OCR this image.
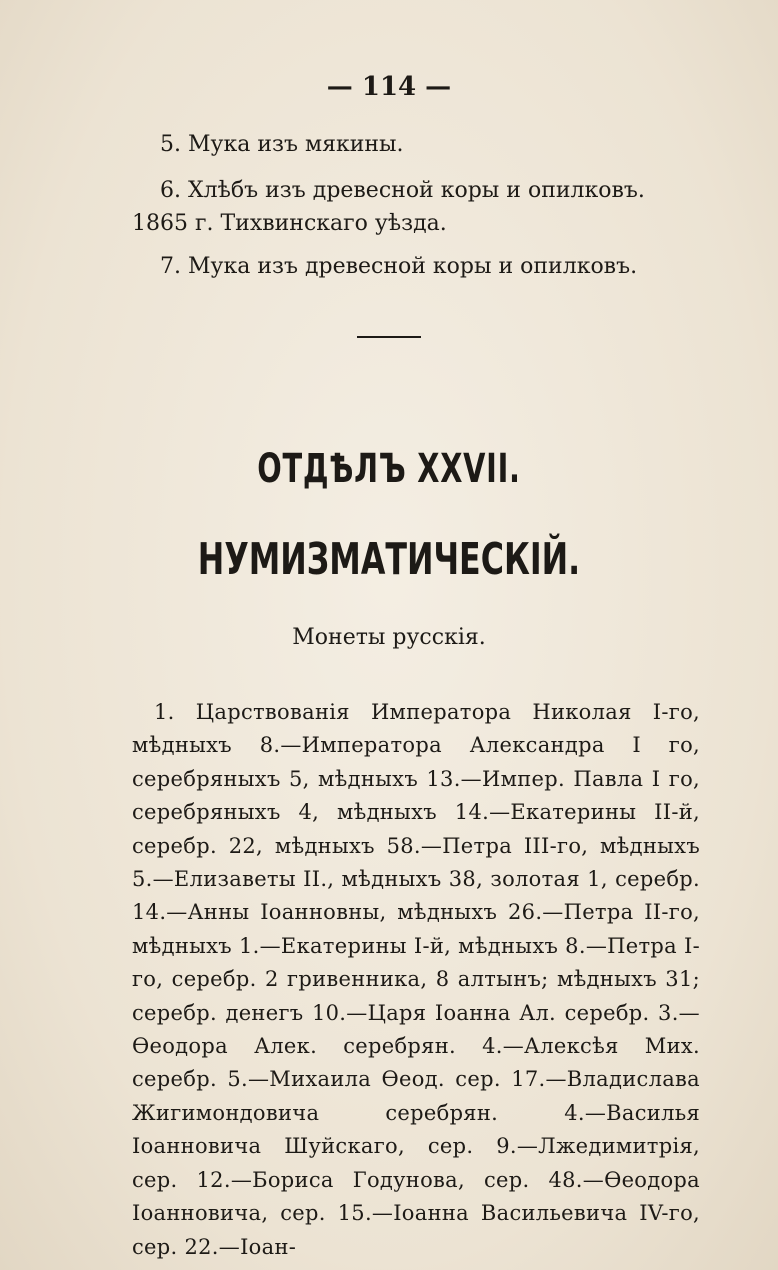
— 114 —
5. Мука изъ мякины.
6. Хлѣбъ изъ древесной коры и опилковъ. 1865 г. Тихвинскаго уѣзда.
7. Мука изъ древесной коры и опилковъ.
ОТДѢЛЪ XXVII.
НУМИЗМАТИЧЕСКІЙ.
Монеты русскія.
1. Царствованія Императора Николая I-го, мѣдныхъ 8.—Императора Александра I го, серебряныхъ 5, мѣдныхъ 13.—Импер. Павла I го, серебряныхъ 4, мѣдныхъ 14.—Екатерины II-й, серебр. 22, мѣдныхъ 58.—Петра III-го, мѣдныхъ 5.—Елизаветы II., мѣдныхъ 38, золотая 1, серебр. 14.—Анны Іоанновны, мѣдныхъ 26.—Петра II-го, мѣдныхъ 1.—Екатерины I-й, мѣдныхъ 8.—Петра I-го, серебр. 2 гривенника, 8 алтынъ; мѣдныхъ 31; серебр. денегъ 10.—Царя Іоанна Ал. серебр. 3.—Ѳеодора Алек. серебрян. 4.—Алексѣя Мих. серебр. 5.—Михаила Ѳеод. сер. 17.—Владислава Жигимондовича серебрян. 4.—Василья Іоанновича Шуйскаго, сер. 9.—Лжедимитрія, сер. 12.—Бориса Годунова, сер. 48.—Ѳеодора Іоанновича, сер. 15.—Іоанна Васильевича IV-го, сер. 22.—Іоан-
